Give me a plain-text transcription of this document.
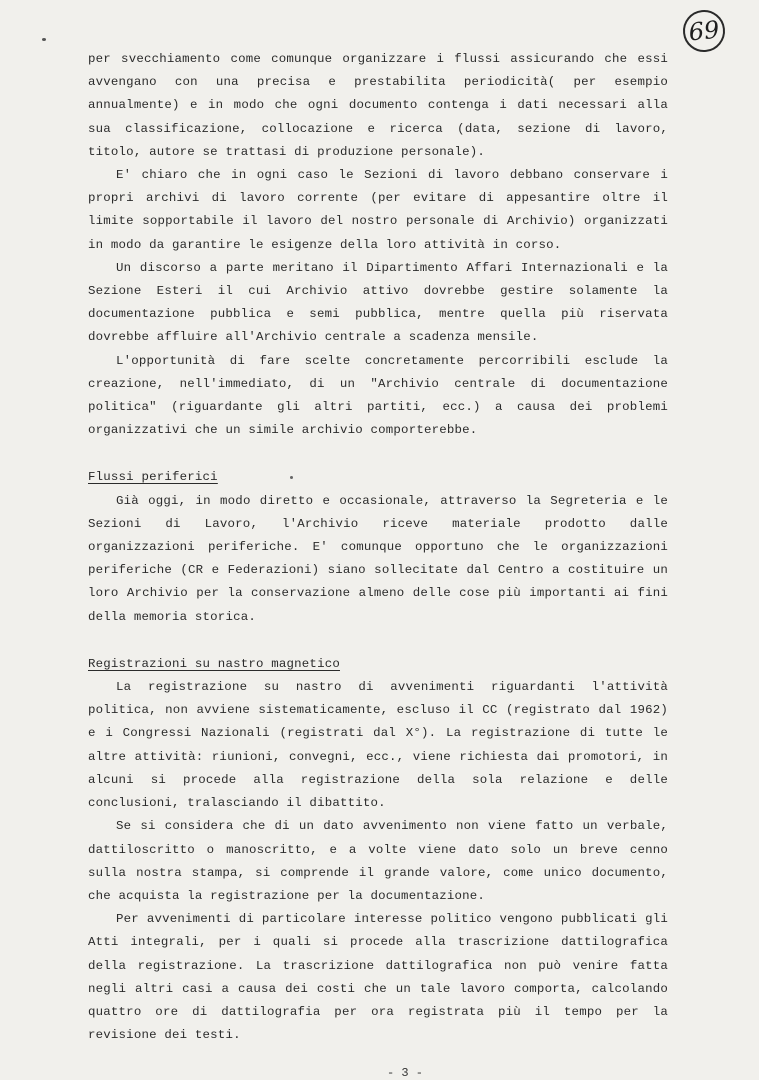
69

per svecchiamento come comunque organizzare i flussi assicurando che essi avvengano con una precisa e prestabilita periodicità( per esempio annualmente) e in modo che ogni documento contenga i dati necessari alla sua classificazione, collocazione e ricerca (data, sezione di lavoro, titolo, autore se trattasi di produzione personale).

E' chiaro che in ogni caso le Sezioni di lavoro debbano conservare i propri archivi di lavoro corrente (per evitare di appesantire oltre il limite sopportabile il lavoro del nostro personale di Archivio) organizzati in modo da garantire le esigenze della loro attività in corso.

Un discorso a parte meritano il Dipartimento Affari Internazionali e la Sezione Esteri il cui Archivio attivo dovrebbe gestire solamente la documentazione pubblica e semi pubblica, mentre quella più riservata dovrebbe affluire all'Archivio centrale a scadenza mensile.

L'opportunità di fare scelte concretamente percorribili esclude la creazione, nell'immediato, di un "Archivio centrale di documentazione politica" (riguardante gli altri partiti, ecc.) a causa dei problemi organizzativi che un simile archivio comporterebbe.

Flussi periferici

Già oggi, in modo diretto e occasionale, attraverso la Segreteria e le Sezioni di Lavoro, l'Archivio riceve materiale prodotto dalle organizzazioni periferiche. E' comunque opportuno che le organizzazioni periferiche (CR e Federazioni) siano sollecitate dal Centro a costituire un loro Archivio per la conservazione almeno delle cose più importanti ai fini della memoria storica.

Registrazioni su nastro magnetico

La registrazione su nastro di avvenimenti riguardanti l'attività politica, non avviene sistematicamente, escluso il CC (registrato dal 1962) e i Congressi Nazionali (registrati dal X°). La registrazione di tutte le altre attività: riunioni, convegni, ecc., viene richiesta dai promotori, in alcuni si procede alla registrazione della sola relazione e delle conclusioni, tralasciando il dibattito.

Se si considera che di un dato avvenimento non viene fatto un verbale, dattiloscritto o manoscritto, e a volte viene dato solo un breve cenno sulla nostra stampa, si comprende il grande valore, come unico documento, che acquista la registrazione per la documentazione.

Per avvenimenti di particolare interesse politico vengono pubblicati gli Atti integrali, per i quali si procede alla trascrizione dattilografica della registrazione. La trascrizione dattilografica non può venire fatta negli altri casi a causa dei costi che un tale lavoro comporta, calcolando quattro ore di dattilografia per ora registrata più il tempo per la revisione dei testi.

- 3 -
